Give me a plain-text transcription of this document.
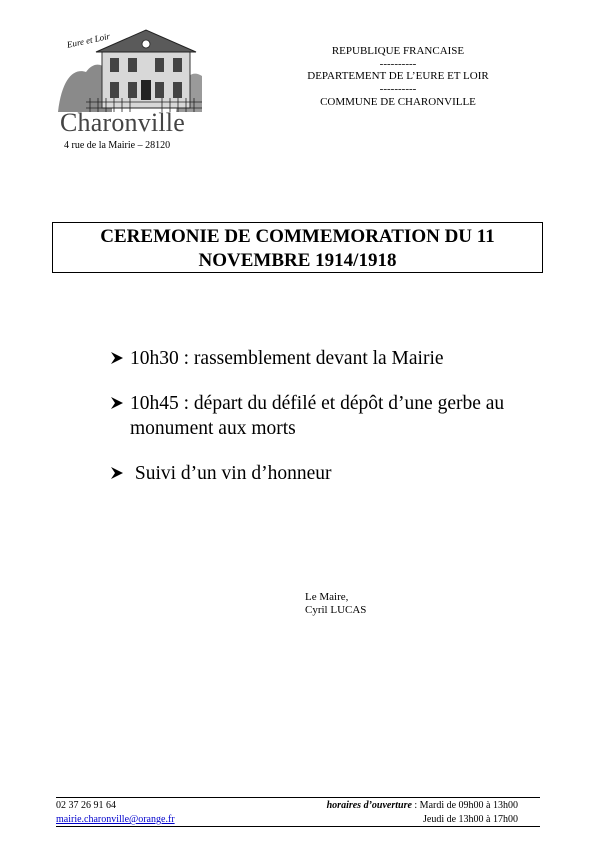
Eure et Loir
Charonville
4 rue de la Mairie – 28120
REPUBLIQUE FRANCAISE
----------
DEPARTEMENT DE L’EURE ET LOIR
----------
COMMUNE DE CHARONVILLE
CEREMONIE DE COMMEMORATION DU 11
NOVEMBRE 1914/1918
10h30 : rassemblement devant la Mairie
10h45 : départ du défilé et dépôt d’une gerbe au monument aux morts
Suivi d’un vin d’honneur
Le Maire,
Cyril LUCAS
02 37 26 91 64
mairie.charonville@orange.fr
horaires d’ouverture : Mardi de 09h00 à 13h00
Jeudi de 13h00 à 17h00
